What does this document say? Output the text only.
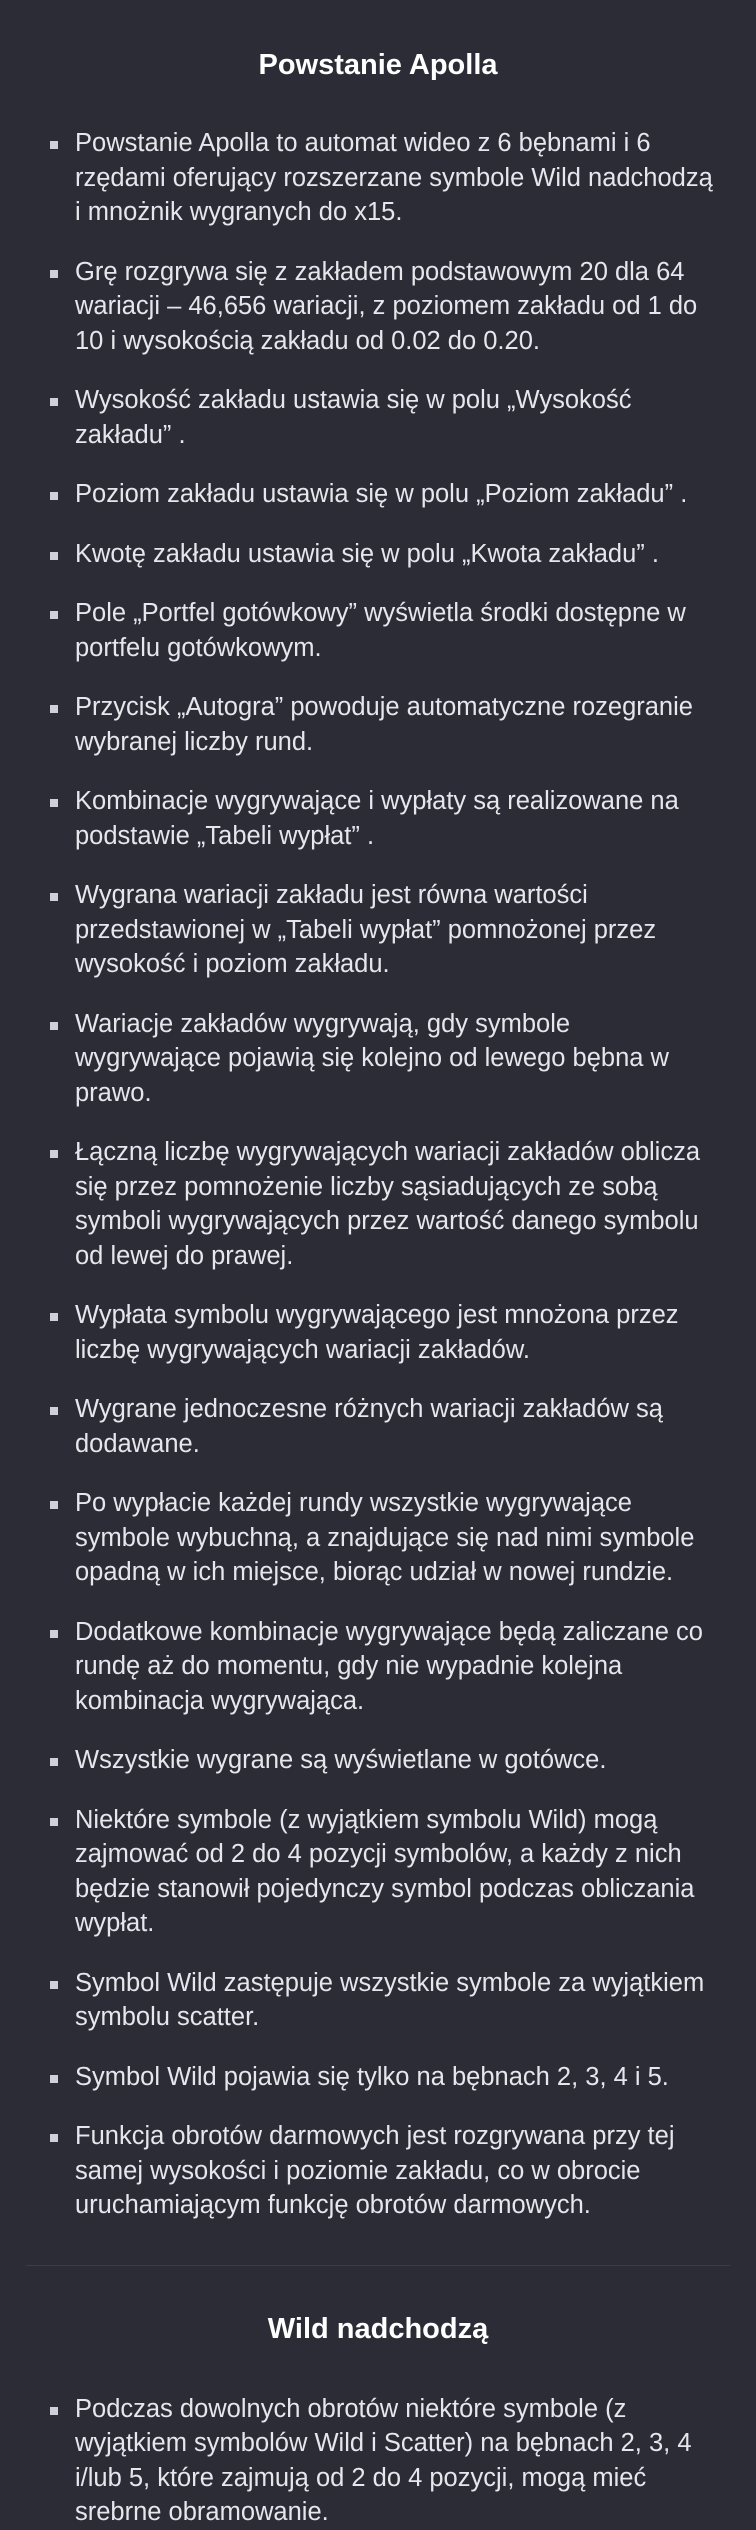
Powstanie Apolla
Powstanie Apolla to automat wideo z 6 bębnami i 6 rzędami oferujący rozszerzane symbole Wild nadchodzą i mnożnik wygranych do x15.
Grę rozgrywa się z zakładem podstawowym 20 dla 64 wariacji – 46,656 wariacji, z poziomem zakładu od 1 do 10 i wysokością zakładu od 0.02 do 0.20.
Wysokość zakładu ustawia się w polu „Wysokość zakładu” .
Poziom zakładu ustawia się w polu „Poziom zakładu” .
Kwotę zakładu ustawia się w polu „Kwota zakładu” .
Pole „Portfel gotówkowy” wyświetla środki dostępne w portfelu gotówkowym.
Przycisk „Autogra” powoduje automatyczne rozegranie wybranej liczby rund.
Kombinacje wygrywające i wypłaty są realizowane na podstawie „Tabeli wypłat” .
Wygrana wariacji zakładu jest równa wartości przedstawionej w „Tabeli wypłat” pomnożonej przez wysokość i poziom zakładu.
Wariacje zakładów wygrywają, gdy symbole wygrywające pojawią się kolejno od lewego bębna w prawo.
Łączną liczbę wygrywających wariacji zakładów oblicza się przez pomnożenie liczby sąsiadujących ze sobą symboli wygrywających przez wartość danego symbolu od lewej do prawej.
Wypłata symbolu wygrywającego jest mnożona przez liczbę wygrywających wariacji zakładów.
Wygrane jednoczesne różnych wariacji zakładów są dodawane.
Po wypłacie każdej rundy wszystkie wygrywające symbole wybuchną, a znajdujące się nad nimi symbole opadną w ich miejsce, biorąc udział w nowej rundzie.
Dodatkowe kombinacje wygrywające będą zaliczane co rundę aż do momentu, gdy nie wypadnie kolejna kombinacja wygrywająca.
Wszystkie wygrane są wyświetlane w gotówce.
Niektóre symbole (z wyjątkiem symbolu Wild) mogą zajmować od 2 do 4 pozycji symbolów, a każdy z nich będzie stanowił pojedynczy symbol podczas obliczania wypłat.
Symbol Wild zastępuje wszystkie symbole za wyjątkiem symbolu scatter.
Symbol Wild pojawia się tylko na bębnach 2, 3, 4 i 5.
Funkcja obrotów darmowych jest rozgrywana przy tej samej wysokości i poziomie zakładu, co w obrocie uruchamiającym funkcję obrotów darmowych.
Wild nadchodzą
Podczas dowolnych obrotów niektóre symbole (z wyjątkiem symbolów Wild i Scatter) na bębnach 2, 3, 4 i/lub 5, które zajmują od 2 do 4 pozycji, mogą mieć srebrne obramowanie.
